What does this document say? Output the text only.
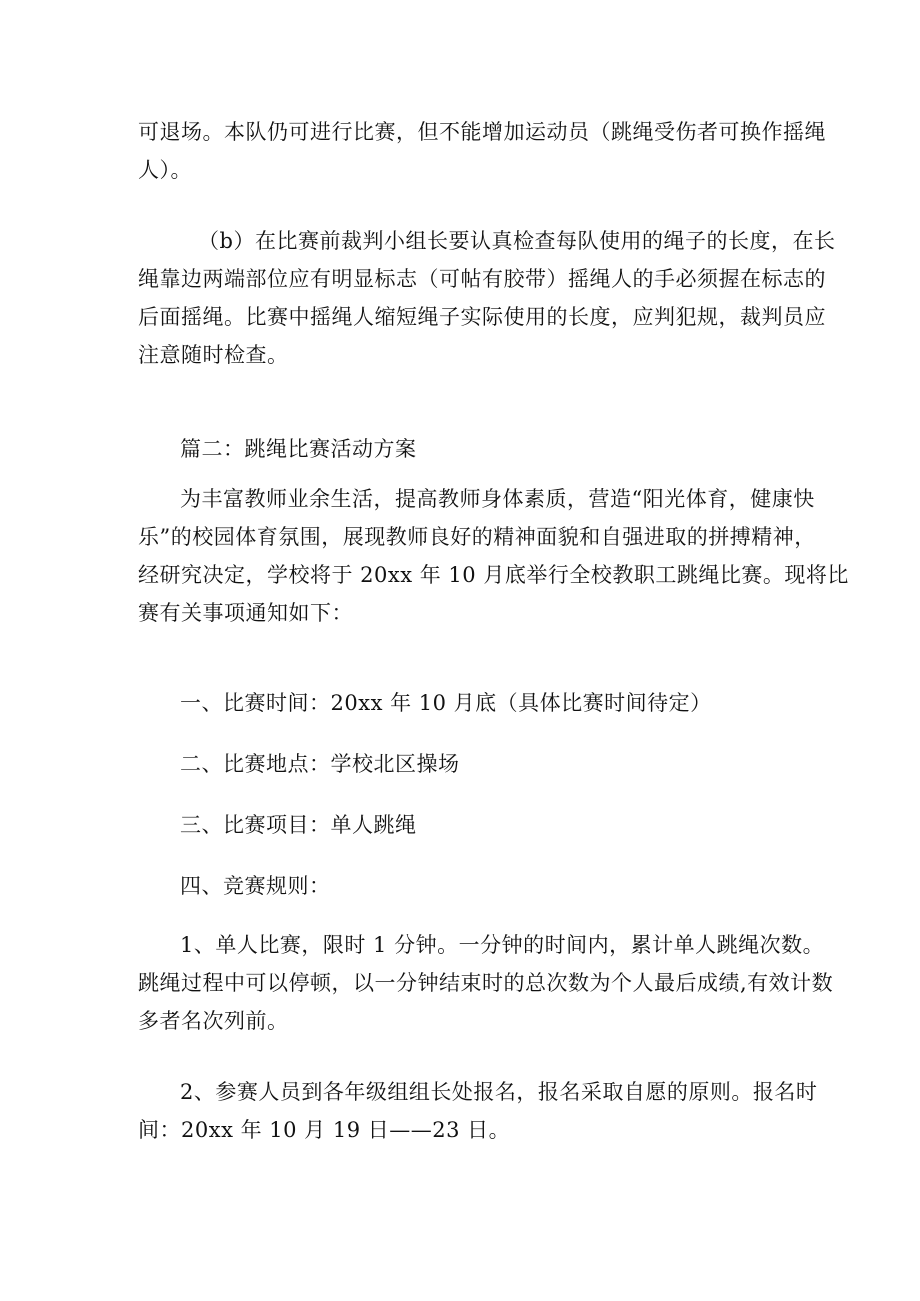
可退场。本队仍可进行比赛，但不能增加运动员（跳绳受伤者可换作摇绳
人）。

（b）在比赛前裁判小组长要认真检查每队使用的绳子的长度，在长
绳靠边两端部位应有明显标志（可帖有胶带）摇绳人的手必须握在标志的
后面摇绳。比赛中摇绳人缩短绳子实际使用的长度，应判犯规，裁判员应
注意随时检查。

篇二：跳绳比赛活动方案

为丰富教师业余生活，提高教师身体素质，营造“阳光体育，健康快
乐”的校园体育氛围，展现教师良好的精神面貌和自强进取的拼搏精神，
经研究决定，学校将于 20xx 年 10 月底举行全校教职工跳绳比赛。现将比
赛有关事项通知如下：

一、比赛时间：20xx 年 10 月底（具体比赛时间待定）

二、比赛地点：学校北区操场

三、比赛项目：单人跳绳

四、竞赛规则：

1、单人比赛，限时 1 分钟。一分钟的时间内，累计单人跳绳次数。
跳绳过程中可以停顿，以一分钟结束时的总次数为个人最后成绩,有效计数
多者名次列前。

2、参赛人员到各年级组组长处报名，报名采取自愿的原则。报名时
间：20xx 年 10 月 19 日——23 日。
